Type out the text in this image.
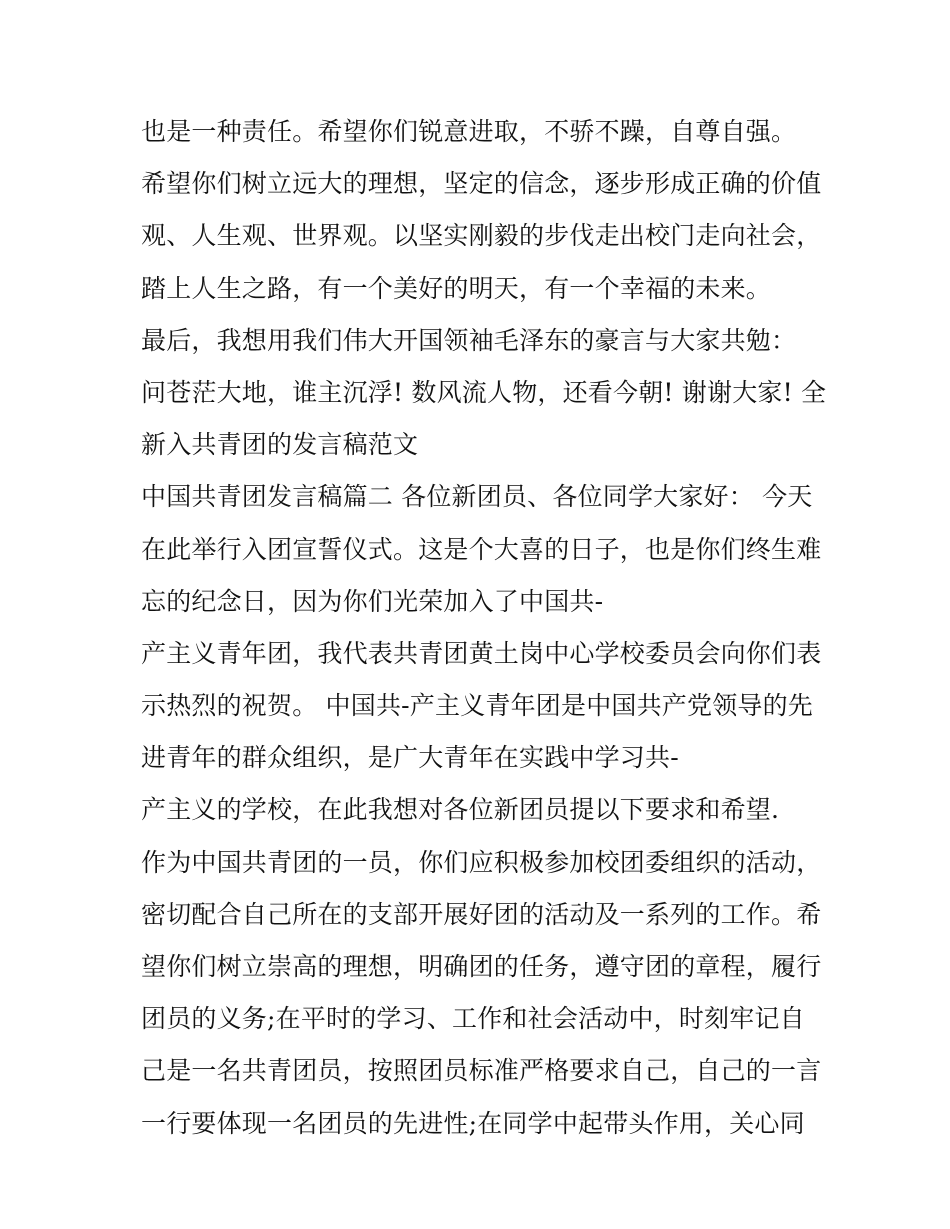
也是一种责任。希望你们锐意进取，不骄不躁，自尊自强。
希望你们树立远大的理想，坚定的信念，逐步形成正确的价值
观、人生观、世界观。以坚实刚毅的步伐走出校门走向社会，
踏上人生之路，有一个美好的明天，有一个幸福的未来。
最后，我想用我们伟大开国领袖毛泽东的豪言与大家共勉：
问苍茫大地，谁主沉浮! 数风流人物，还看今朝! 谢谢大家! 全
新入共青团的发言稿范文
中国共青团发言稿篇二 各位新团员、各位同学大家好： 今天
在此举行入团宣誓仪式。这是个大喜的日子，也是你们终生难
忘的纪念日，因为你们光荣加入了中国共-
产主义青年团，我代表共青团黄土岗中心学校委员会向你们表
示热烈的祝贺。 中国共-产主义青年团是中国共产党领导的先
进青年的群众组织，是广大青年在实践中学习共-
产主义的学校，在此我想对各位新团员提以下要求和希望.
作为中国共青团的一员，你们应积极参加校团委组织的活动，
密切配合自己所在的支部开展好团的活动及一系列的工作。希
望你们树立崇高的理想，明确团的任务，遵守团的章程，履行
团员的义务;在平时的学习、工作和社会活动中，时刻牢记自
己是一名共青团员，按照团员标准严格要求自己，自己的一言
一行要体现一名团员的先进性;在同学中起带头作用，关心同
